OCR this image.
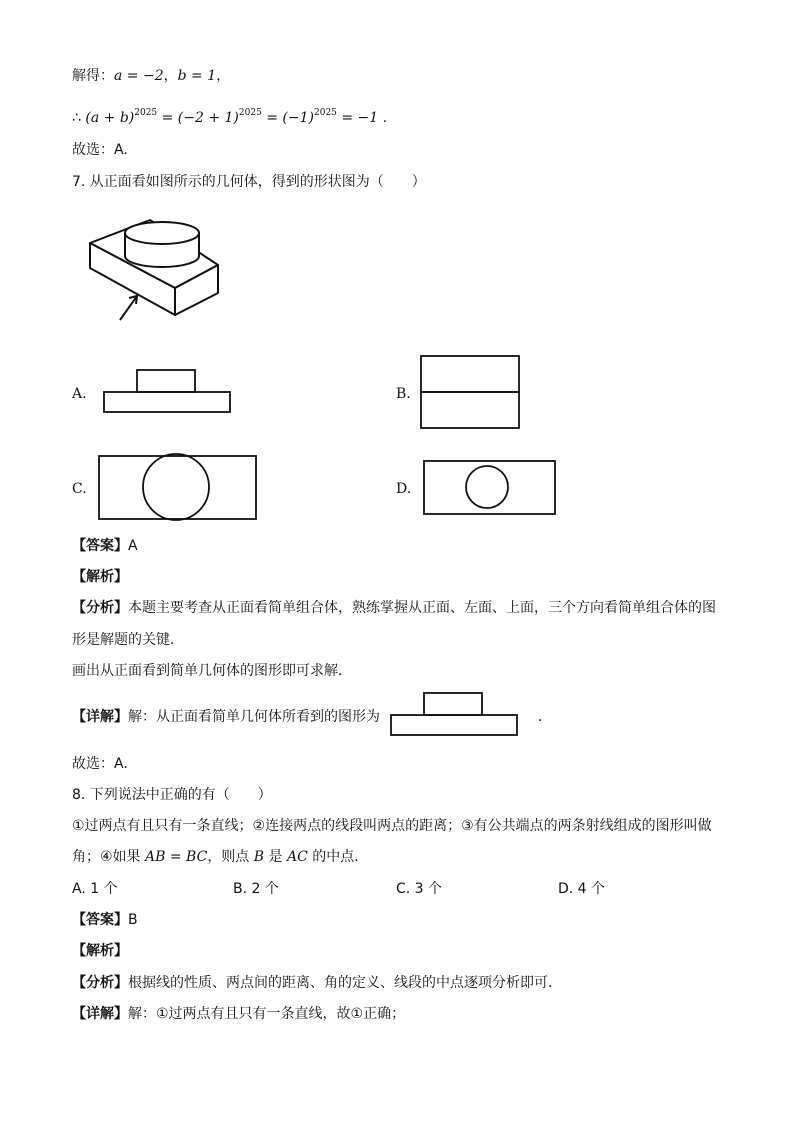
解得：a = −2，b = 1，
∴ $(a + b)^{2025} = (-2 + 1)^{2025} = (-1)^{2025} = -1$ .
故选：A.
7. 从正面看如图所示的几何体，得到的形状图为（　　）
A.	B.
C.	D.
【答案】A
【解析】
【分析】本题主要考查从正面看简单组合体，熟练掌握从正面、左面、上面，三个方向看简单组合体的图
形是解题的关键．
画出从正面看到简单几何体的图形即可求解．
【详解】解：从正面看简单几何体所看到的图形为	．
故选：A.
8. 下列说法中正确的有（　　）
①过两点有且只有一条直线；②连接两点的线段叫两点的距离；③有公共端点的两条射线组成的图形叫做
角；④如果 AB = BC，则点 B 是 AC 的中点．
A. 1 个	B. 2 个	C. 3 个	D. 4 个
【答案】B
【解析】
【分析】根据线的性质、两点间的距离、角的定义、线段的中点逐项分析即可．
【详解】解：①过两点有且只有一条直线，故①正确；
